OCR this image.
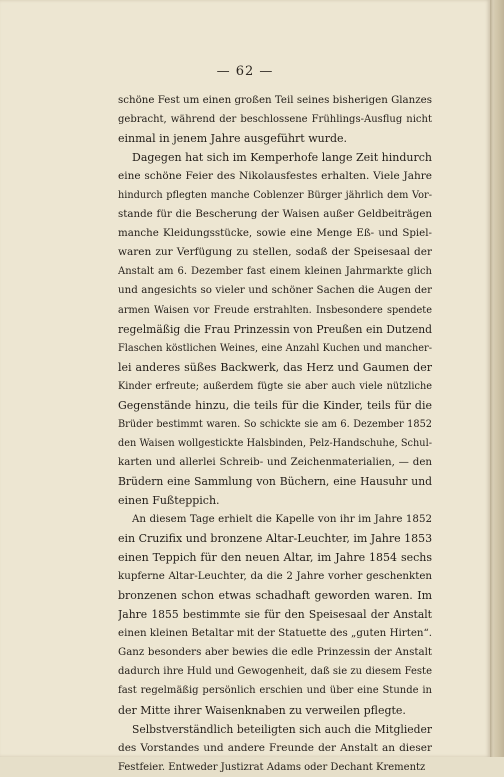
— 62 —
schöne Fest um einen großen Teil seines bisherigen Glanzes
gebracht, während der beschlossene Frühlings-Ausflug nicht
einmal in jenem Jahre ausgeführt wurde.
Dagegen hat sich im Kemperhofe lange Zeit hindurch
eine schöne Feier des Nikolausfestes erhalten. Viele Jahre
hindurch pflegten manche Coblenzer Bürger jährlich dem Vor-
stande für die Bescherung der Waisen außer Geldbeiträgen
manche Kleidungsstücke, sowie eine Menge Eß- und Spiel-
waren zur Verfügung zu stellen, sodaß der Speisesaal der
Anstalt am 6. Dezember fast einem kleinen Jahrmarkte glich
und angesichts so vieler und schöner Sachen die Augen der
armen Waisen vor Freude erstrahlten. Insbesondere spendete
regelmäßig die Frau Prinzessin von Preußen ein Dutzend
Flaschen köstlichen Weines, eine Anzahl Kuchen und mancher-
lei anderes süßes Backwerk, das Herz und Gaumen der
Kinder erfreute; außerdem fügte sie aber auch viele nützliche
Gegenstände hinzu, die teils für die Kinder, teils für die
Brüder bestimmt waren. So schickte sie am 6. Dezember 1852
den Waisen wollgestickte Halsbinden, Pelz-Handschuhe, Schul-
karten und allerlei Schreib- und Zeichenmaterialien, — den
Brüdern eine Sammlung von Büchern, eine Hausuhr und
einen Fußteppich.
An diesem Tage erhielt die Kapelle von ihr im Jahre 1852
ein Cruzifix und bronzene Altar-Leuchter, im Jahre 1853
einen Teppich für den neuen Altar, im Jahre 1854 sechs
kupferne Altar-Leuchter, da die 2 Jahre vorher geschenkten
bronzenen schon etwas schadhaft geworden waren. Im
Jahre 1855 bestimmte sie für den Speisesaal der Anstalt
einen kleinen Betaltar mit der Statuette des „guten Hirten“.
Ganz besonders aber bewies die edle Prinzessin der Anstalt
dadurch ihre Huld und Gewogenheit, daß sie zu diesem Feste
fast regelmäßig persönlich erschien und über eine Stunde in
der Mitte ihrer Waisenknaben zu verweilen pflegte.
Selbstverständlich beteiligten sich auch die Mitglieder
des Vorstandes und andere Freunde der Anstalt an dieser
Festfeier. Entweder Justizrat Adams oder Dechant Krementz
